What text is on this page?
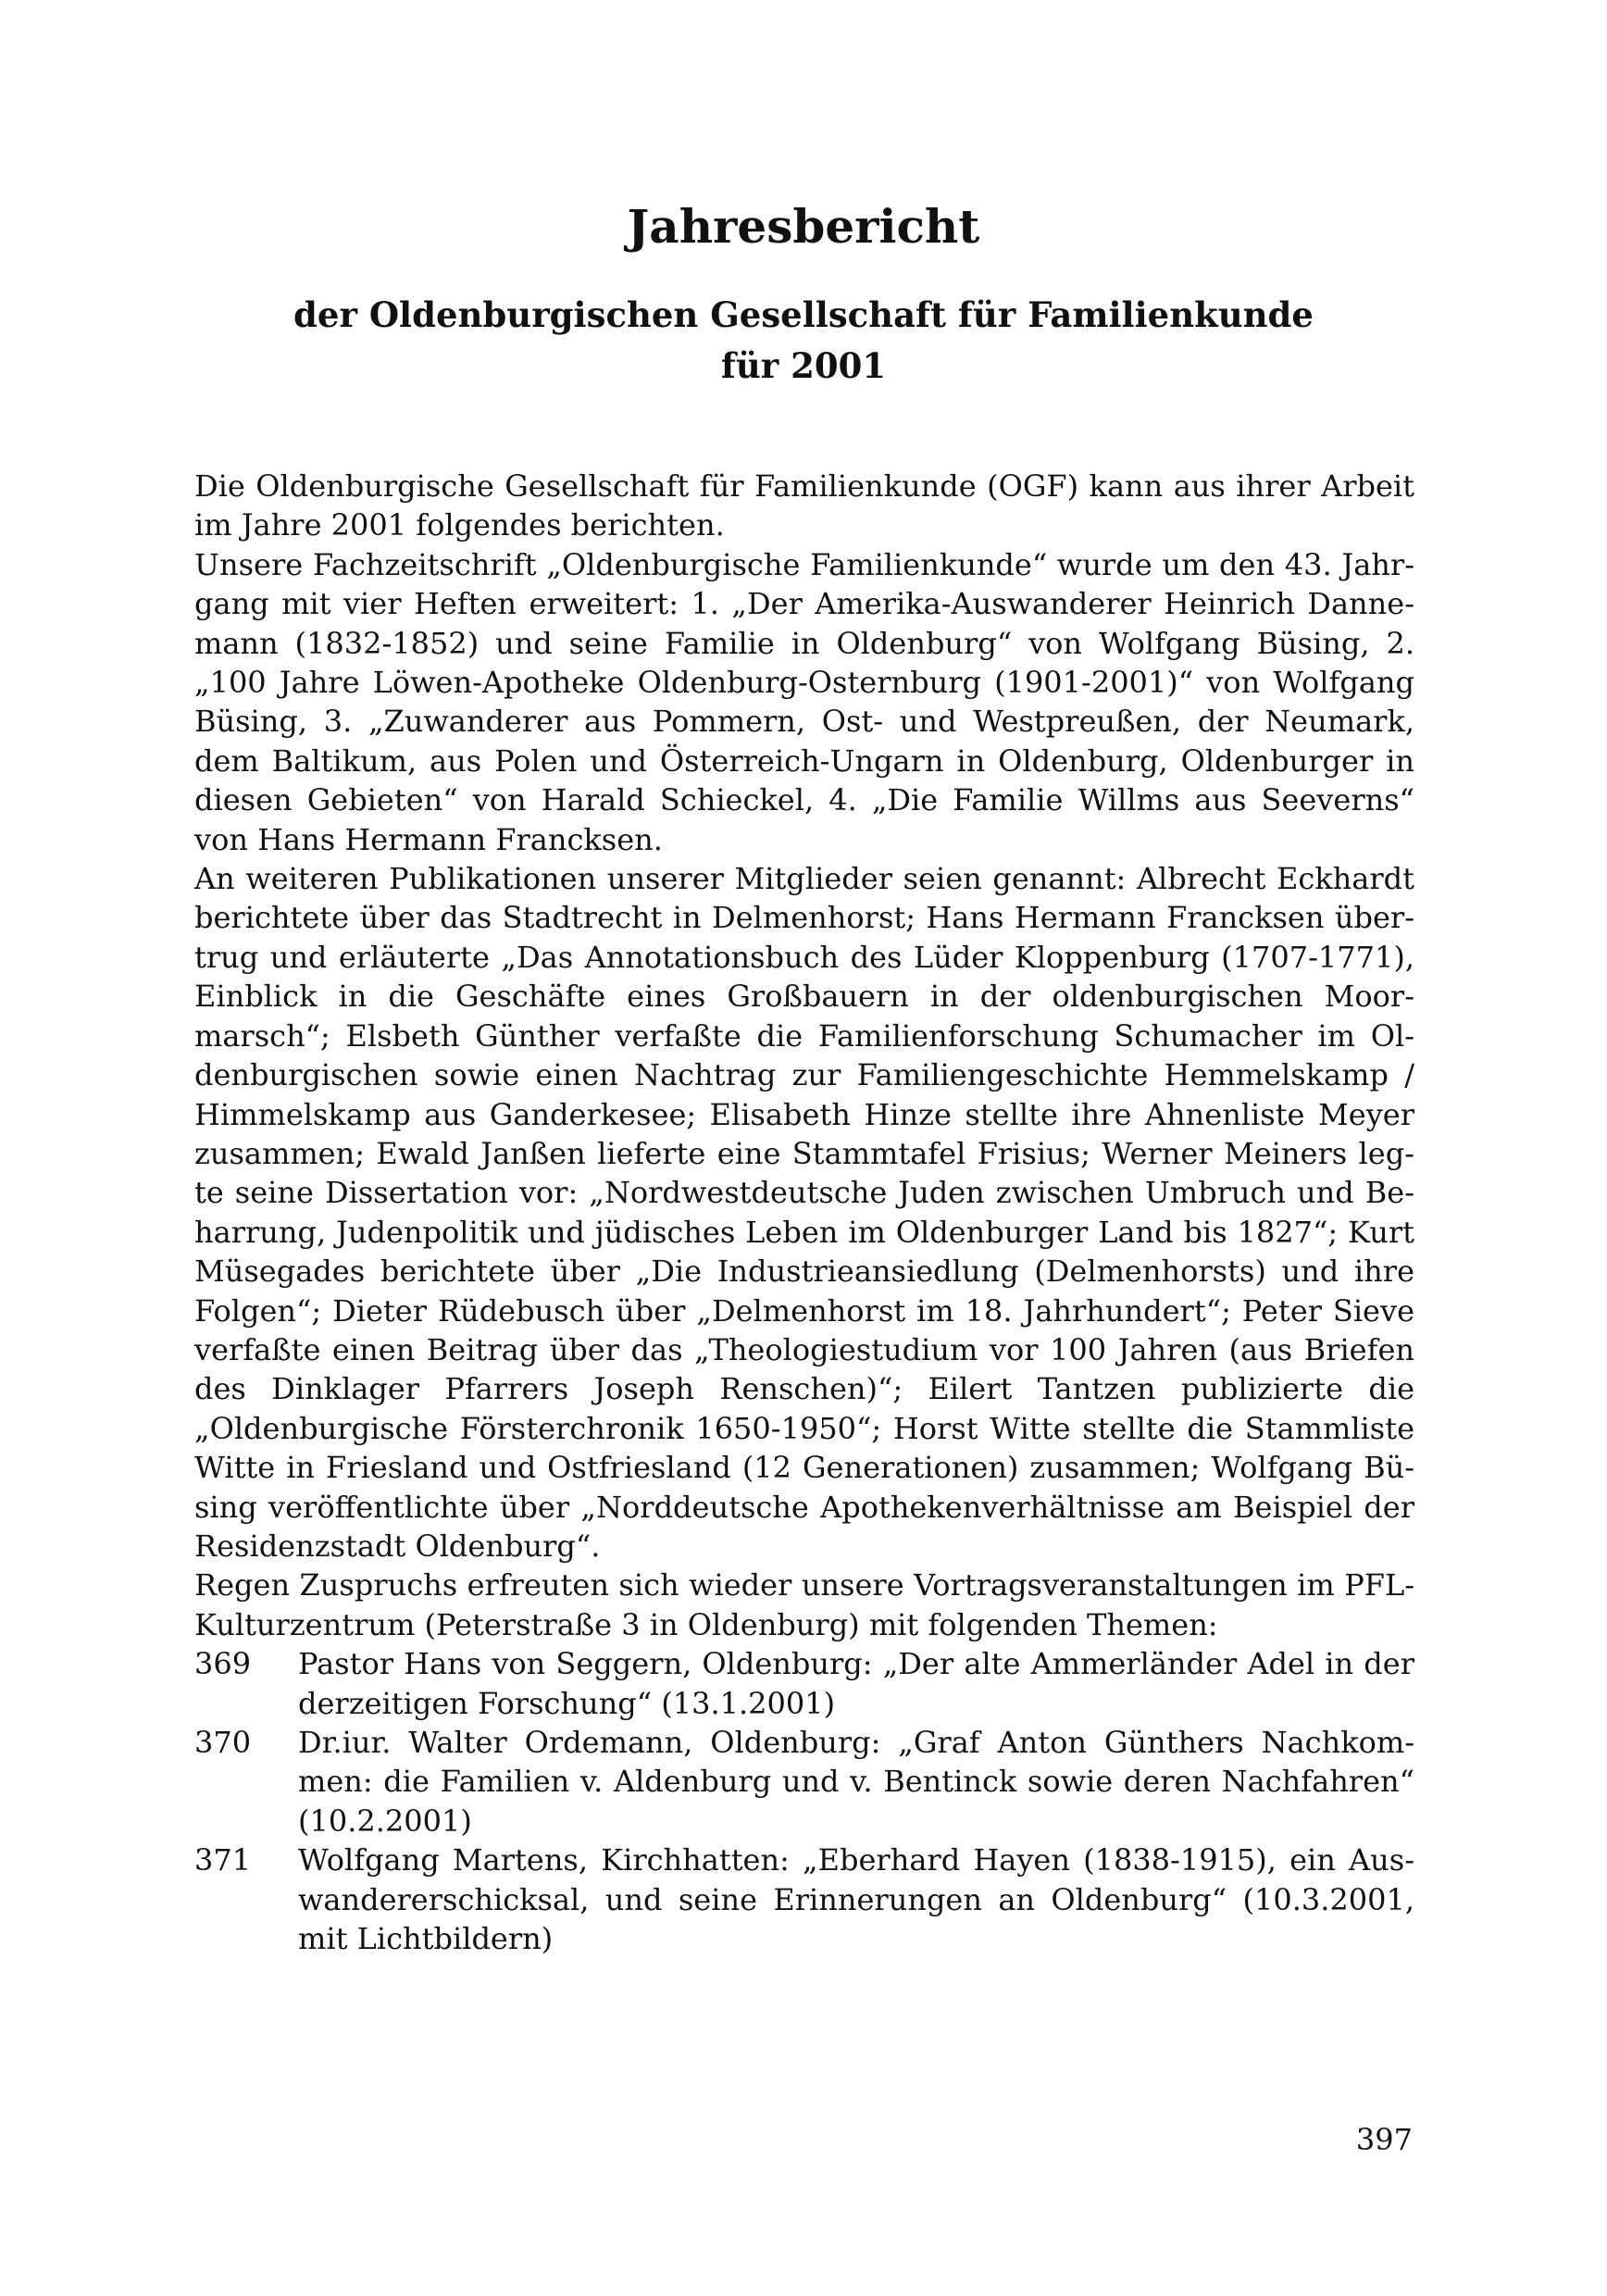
Jahresbericht
der Oldenburgischen Gesellschaft für Familienkunde
für 2001

Die Oldenburgische Gesellschaft für Familienkunde (OGF) kann aus ihrer Arbeit im Jahre 2001 folgendes berichten.

Unsere Fachzeitschrift „Oldenburgische Familienkunde“ wurde um den 43. Jahrgang mit vier Heften erweitert: 1. „Der Amerika-Auswanderer Heinrich Dannemann (1832-1852) und seine Familie in Oldenburg“ von Wolfgang Büsing, 2. „100 Jahre Löwen-Apotheke Oldenburg-Osternburg (1901-2001)“ von Wolfgang Büsing, 3. „Zuwanderer aus Pommern, Ost- und Westpreußen, der Neumark, dem Baltikum, aus Polen und Österreich-Ungarn in Oldenburg, Oldenburger in diesen Gebieten“ von Harald Schieckel, 4. „Die Familie Willms aus Seeverns“ von Hans Hermann Francksen.

An weiteren Publikationen unserer Mitglieder seien genannt: Albrecht Eckhardt berichtete über das Stadtrecht in Delmenhorst; Hans Hermann Francksen übertrug und erläuterte „Das Annotationsbuch des Lüder Kloppenburg (1707-1771), Einblick in die Geschäfte eines Großbauern in der oldenburgischen Moormarsch“; Elsbeth Günther verfaßte die Familienforschung Schumacher im Oldenburgischen sowie einen Nachtrag zur Familiengeschichte Hemmelskamp / Himmelskamp aus Ganderkesee; Elisabeth Hinze stellte ihre Ahnenliste Meyer zusammen; Ewald Janßen lieferte eine Stammtafel Frisius; Werner Meiners legte seine Dissertation vor: „Nordwestdeutsche Juden zwischen Umbruch und Beharrung, Judenpolitik und jüdisches Leben im Oldenburger Land bis 1827“; Kurt Müsegades berichtete über „Die Industrieansiedlung (Delmenhorsts) und ihre Folgen“; Dieter Rüdebusch über „Delmenhorst im 18. Jahrhundert“; Peter Sieve verfaßte einen Beitrag über das „Theologiestudium vor 100 Jahren (aus Briefen des Dinklager Pfarrers Joseph Renschen)“; Eilert Tantzen publizierte die „Oldenburgische Försterchronik 1650-1950“; Horst Witte stellte die Stammliste Witte in Friesland und Ostfriesland (12 Generationen) zusammen; Wolfgang Büsing veröffentlichte über „Norddeutsche Apothekenverhältnisse am Beispiel der Residenzstadt Oldenburg“.

Regen Zuspruchs erfreuten sich wieder unsere Vortragsveranstaltungen im PFL-Kulturzentrum (Peterstraße 3 in Oldenburg) mit folgenden Themen:

369 Pastor Hans von Seggern, Oldenburg: „Der alte Ammerländer Adel in der derzeitigen Forschung“ (13.1.2001)
370 Dr.iur. Walter Ordemann, Oldenburg: „Graf Anton Günthers Nachkommen: die Familien v. Aldenburg und v. Bentinck sowie deren Nachfahren“ (10.2.2001)
371 Wolfgang Martens, Kirchhatten: „Eberhard Hayen (1838-1915), ein Auswandererschicksal, und seine Erinnerungen an Oldenburg“ (10.3.2001, mit Lichtbildern)
397
